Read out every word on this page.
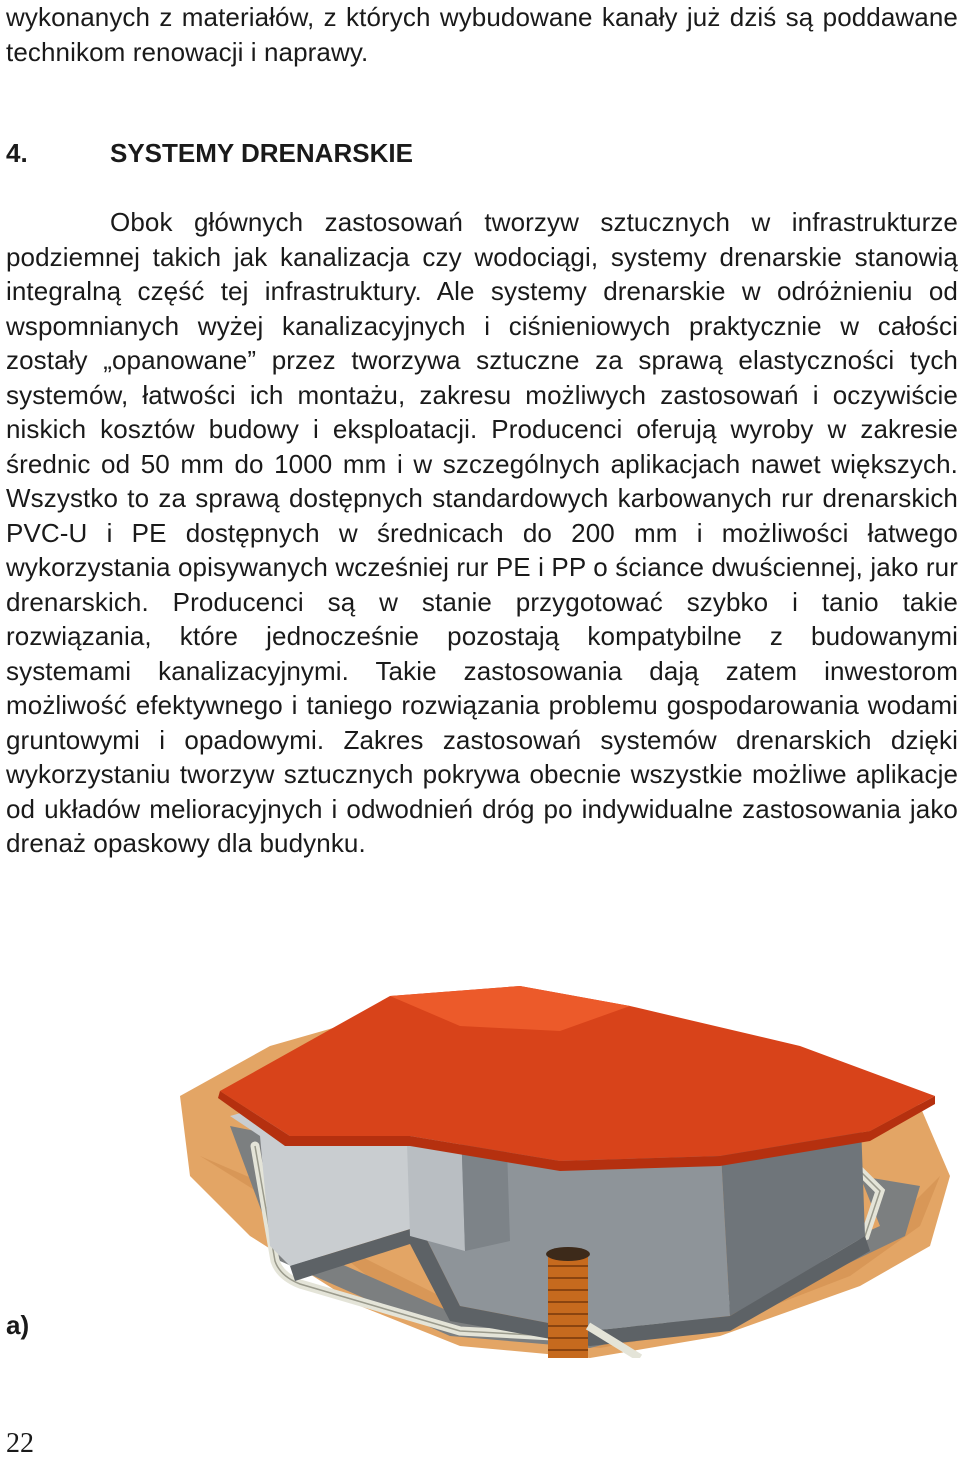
wykonanych z materiałów, z których wybudowane kanały już dziś są poddawane technikom renowacji i naprawy.
4.	SYSTEMY DRENARSKIE
Obok głównych zastosowań tworzyw sztucznych w infrastrukturze podziemnej takich jak kanalizacja czy wodociągi, systemy drenarskie stanowią integralną część tej infrastruktury. Ale systemy drenarskie w odróżnieniu od wspomnianych wyżej kanalizacyjnych i ciśnieniowych praktycznie w całości zostały „opanowane” przez tworzywa sztuczne za sprawą elastyczności tych systemów, łatwości ich montażu, zakresu możliwych zastosowań i oczywiście niskich kosztów budowy i eksploatacji. Producenci oferują wyroby w zakresie średnic od 50 mm do 1000 mm i w szczególnych aplikacjach nawet większych. Wszystko to za sprawą dostępnych standardowych karbowanych rur drenarskich PVC-U i PE dostępnych w średnicach do 200 mm i możliwości łatwego wykorzystania opisywanych wcześniej rur PE i PP o ściance dwuściennej, jako rur drenarskich. Producenci są w stanie przygotować szybko i tanio takie rozwiązania, które jednocześnie pozostają kompatybilne z budowanymi systemami kanalizacyjnymi. Takie zastosowania dają zatem inwestorom możliwość efektywnego i taniego rozwiązania problemu gospodarowania wodami gruntowymi i opadowymi. Zakres zastosowań systemów drenarskich dzięki wykorzystaniu tworzyw sztucznych pokrywa obecnie wszystkie możliwe aplikacje od układów melioracyjnych i odwodnień dróg po indywidualne zastosowania jako drenaż opaskowy dla budynku.
a)
22
